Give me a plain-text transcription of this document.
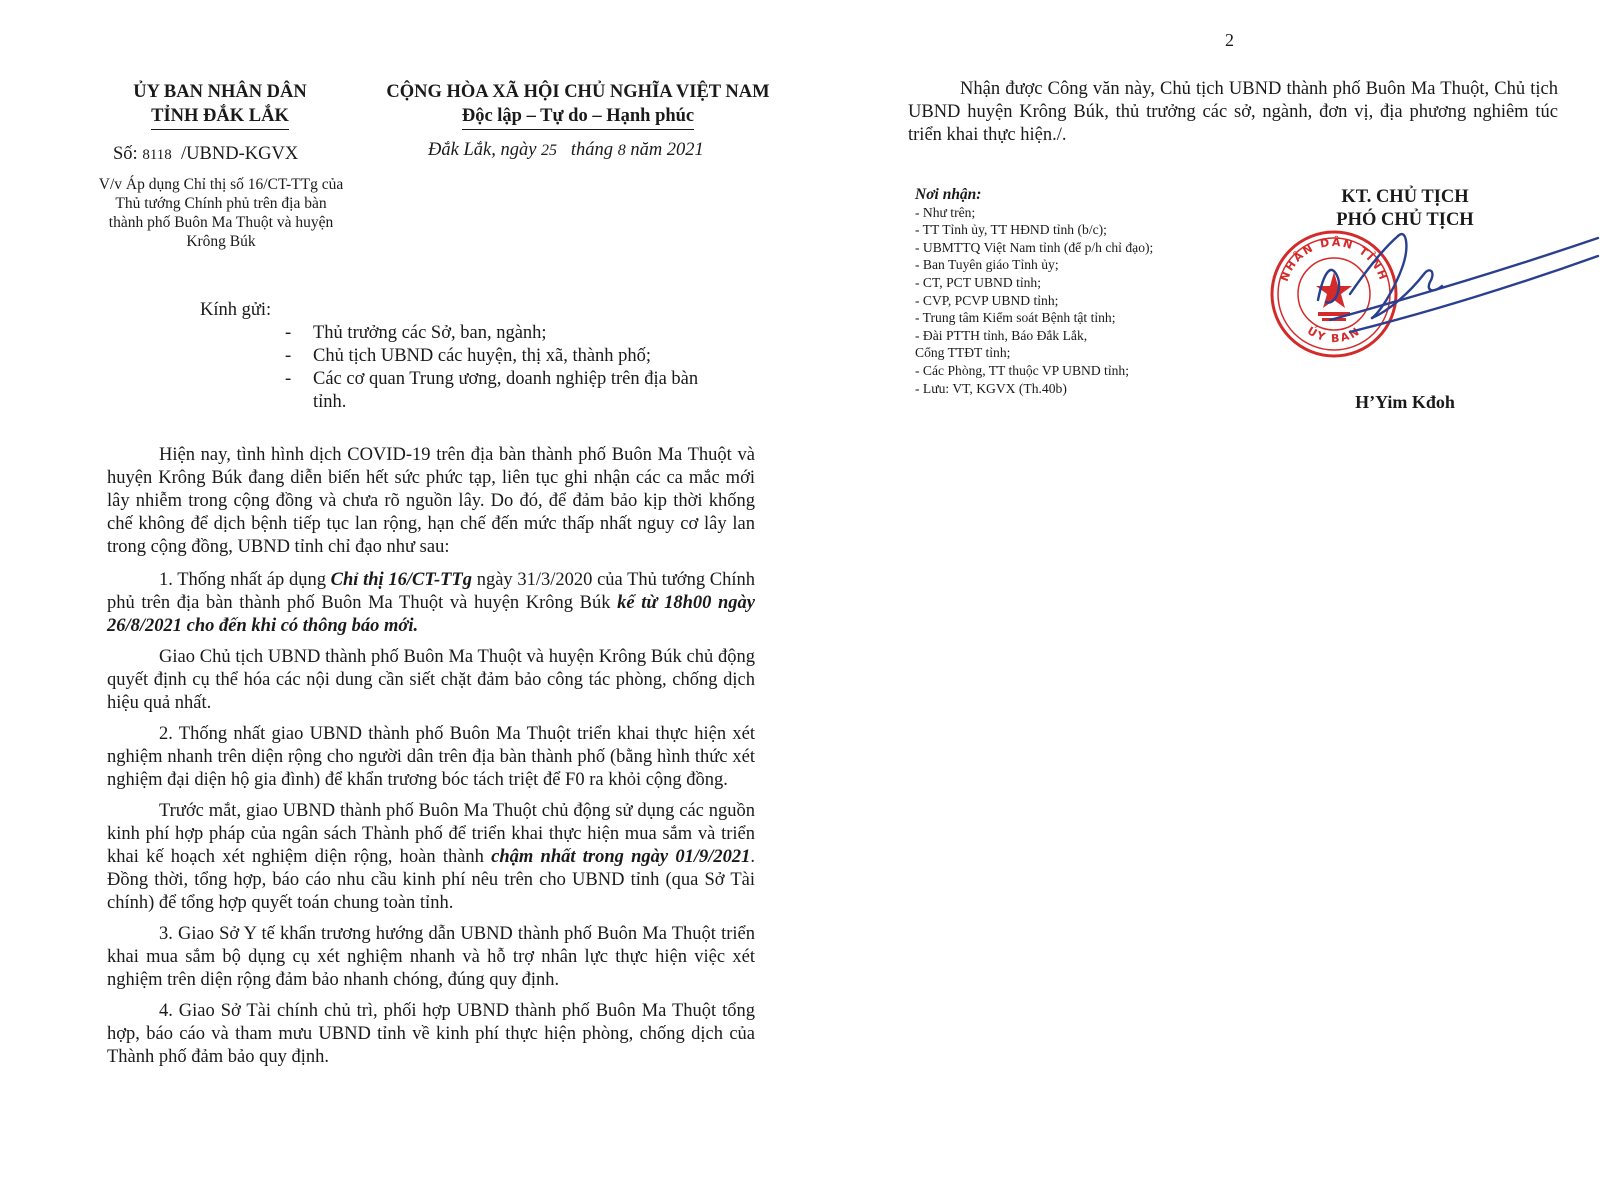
ỦY BAN NHÂN DÂN
TỈNH ĐẮK LẮK
CỘNG HÒA XÃ HỘI CHỦ NGHĨA VIỆT NAM
Độc lập – Tự do – Hạnh phúc
Số: 8118 /UBND-KGVX	Đắk Lắk, ngày 25 tháng 8 năm 2021
V/v Áp dụng Chỉ thị số 16/CT-TTg của Thủ tướng Chính phủ trên địa bàn thành phố Buôn Ma Thuột và huyện Krông Búk
Kính gửi:
- Thủ trưởng các Sở, ban, ngành;
- Chủ tịch UBND các huyện, thị xã, thành phố;
- Các cơ quan Trung ương, doanh nghiệp trên địa bàn tỉnh.

Hiện nay, tình hình dịch COVID-19 trên địa bàn thành phố Buôn Ma Thuột và huyện Krông Búk đang diễn biến hết sức phức tạp, liên tục ghi nhận các ca mắc mới lây nhiễm trong cộng đồng và chưa rõ nguồn lây. Do đó, để đảm bảo kịp thời khống chế không để dịch bệnh tiếp tục lan rộng, hạn chế đến mức thấp nhất nguy cơ lây lan trong cộng đồng, UBND tỉnh chỉ đạo như sau:

1. Thống nhất áp dụng Chỉ thị 16/CT-TTg ngày 31/3/2020 của Thủ tướng Chính phủ trên địa bàn thành phố Buôn Ma Thuột và huyện Krông Búk kể từ 18h00 ngày 26/8/2021 cho đến khi có thông báo mới.

Giao Chủ tịch UBND thành phố Buôn Ma Thuột và huyện Krông Búk chủ động quyết định cụ thể hóa các nội dung cần siết chặt đảm bảo công tác phòng, chống dịch hiệu quả nhất.

2. Thống nhất giao UBND thành phố Buôn Ma Thuột triển khai thực hiện xét nghiệm nhanh trên diện rộng cho người dân trên địa bàn thành phố (bằng hình thức xét nghiệm đại diện hộ gia đình) để khẩn trương bóc tách triệt để F0 ra khỏi cộng đồng.

Trước mắt, giao UBND thành phố Buôn Ma Thuột chủ động sử dụng các nguồn kinh phí hợp pháp của ngân sách Thành phố để triển khai thực hiện mua sắm và triển khai kế hoạch xét nghiệm diện rộng, hoàn thành chậm nhất trong ngày 01/9/2021. Đồng thời, tổng hợp, báo cáo nhu cầu kinh phí nêu trên cho UBND tỉnh (qua Sở Tài chính) để tổng hợp quyết toán chung toàn tỉnh.

3. Giao Sở Y tế khẩn trương hướng dẫn UBND thành phố Buôn Ma Thuột triển khai mua sắm bộ dụng cụ xét nghiệm nhanh và hỗ trợ nhân lực thực hiện việc xét nghiệm trên diện rộng đảm bảo nhanh chóng, đúng quy định.

4. Giao Sở Tài chính chủ trì, phối hợp UBND thành phố Buôn Ma Thuột tổng hợp, báo cáo và tham mưu UBND tỉnh về kinh phí thực hiện phòng, chống dịch của Thành phố đảm bảo quy định.

2

Nhận được Công văn này, Chủ tịch UBND thành phố Buôn Ma Thuột, Chủ tịch UBND huyện Krông Búk, thủ trưởng các sở, ngành, đơn vị, địa phương nghiêm túc triển khai thực hiện./.

Nơi nhận:
- Như trên;
- TT Tỉnh ủy, TT HĐND tỉnh (b/c);
- UBMTTQ Việt Nam tỉnh (để p/h chỉ đạo);
- Ban Tuyên giáo Tỉnh ủy;
- CT, PCT UBND tỉnh;
- CVP, PCVP UBND tỉnh;
- Trung tâm Kiểm soát Bệnh tật tỉnh;
- Đài PTTH tỉnh, Báo Đắk Lắk,
Cổng TTĐT tỉnh;
- Các Phòng, TT thuộc VP UBND tỉnh;
- Lưu: VT, KGVX (Th.40b)
KT. CHỦ TỊCH
PHÓ CHỦ TỊCH
NHÂN DÂN TỈNH
ỦY BAN
H’Yim Kđoh
